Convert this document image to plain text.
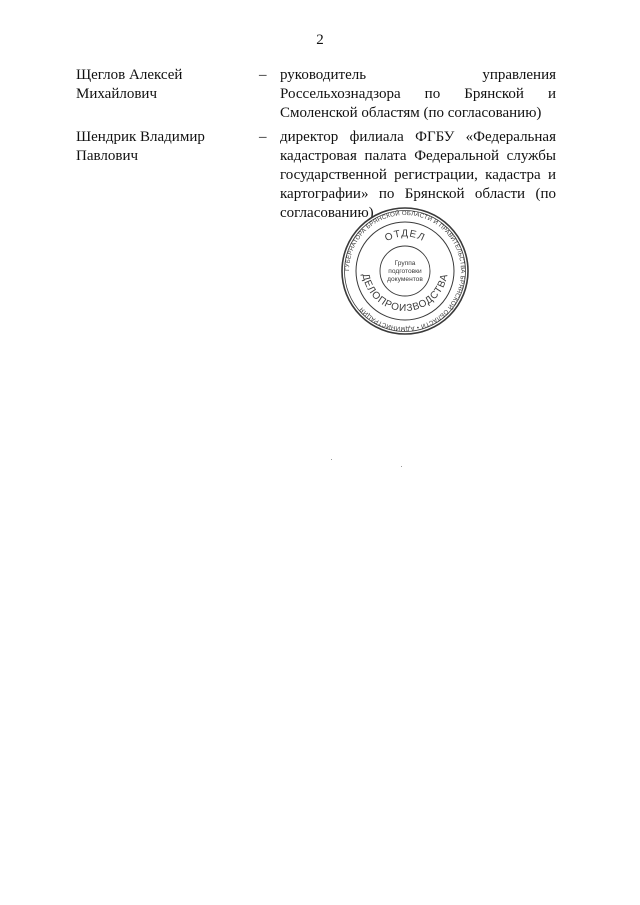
2
Щеглов Алексей
Михайлович
– руководитель управления Россельхознадзора по Брянской и Смоленской областям (по согласованию)
Шендрик Владимир
Павлович
– директор филиала ФГБУ «Федеральная кадастровая палата Федеральной службы государственной регистрации, кадастра и картографии» по Брянской области (по согласованию)
ГУБЕРНАТОРА БРЯНСКОЙ ОБЛАСТИ И ПРАВИТЕЛЬСТВА БРЯНСКОЙ ОБЛАСТИ • АДМИНИСТРАЦИЯ
ОТДЕЛ
ДЕЛОПРОИЗВОДСТВА
Группа
подготовки
документов
